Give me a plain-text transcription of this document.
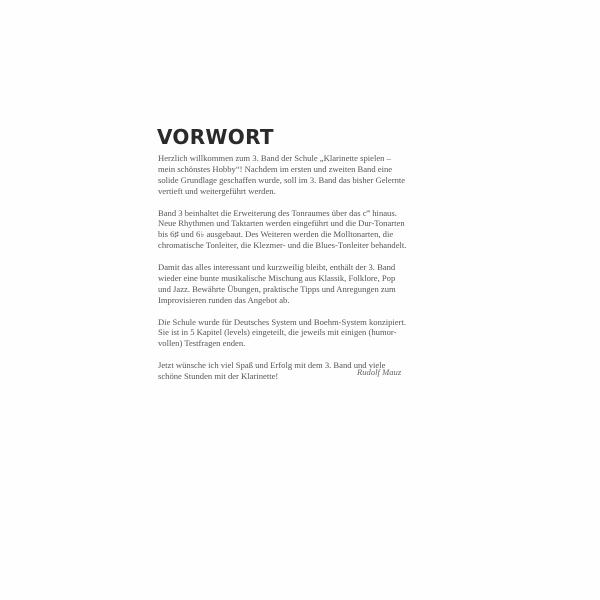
VORWORT

Herzlich willkommen zum 3. Band der Schule „Klarinette spielen –
mein schönstes Hobby“! Nachdem im ersten und zweiten Band eine
solide Grundlage geschaffen wurde, soll im 3. Band das bisher Gelernte
vertieft und weitergeführt werden.

Band 3 beinhaltet die Erweiterung des Tonraumes über das c‴ hinaus.
Neue Rhythmen und Taktarten werden eingeführt und die Dur-Tonarten
bis 6♯ und 6♭ ausgebaut. Des Weiteren werden die Molltonarten, die
chromatische Tonleiter, die Klezmer- und die Blues-Tonleiter behandelt.

Damit das alles interessant und kurzweilig bleibt, enthält der 3. Band
wieder eine bunte musikalische Mischung aus Klassik, Folklore, Pop
und Jazz. Bewährte Übungen, praktische Tipps und Anregungen zum
Improvisieren runden das Angebot ab.

Die Schule wurde für Deutsches System und Boehm-System konzipiert.
Sie ist in 5 Kapitel (levels) eingeteilt, die jeweils mit einigen (humor-
vollen) Testfragen enden.

Jetzt wünsche ich viel Spaß und Erfolg mit dem 3. Band und viele
schöne Stunden mit der Klarinette!	Rudolf Mauz
